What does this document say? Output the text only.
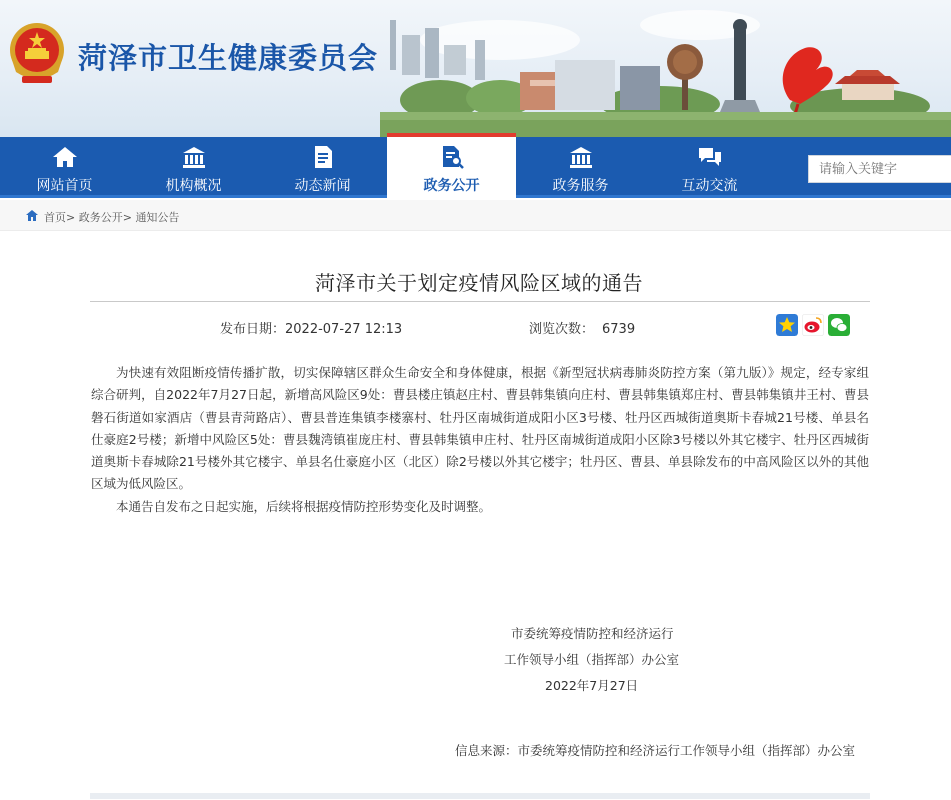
菏泽市卫生健康委员会
网站首页	机构概况	动态新闻	政务公开	政务服务	互动交流
请输入关键字
首页> 政务公开> 通知公告
菏泽市关于划定疫情风险区域的通告
发布日期：2022-07-27 12:13	浏览次数： 6739

为快速有效阻断疫情传播扩散，切实保障辖区群众生命安全和身体健康，根据《新型冠状病毒肺炎防控方案（第九版）》规定，经专家组综合研判，自2022年7月27日起，新增高风险区9处：曹县楼庄镇赵庄村、曹县韩集镇向庄村、曹县韩集镇郑庄村、曹县韩集镇井王村、曹县磐石街道如家酒店（曹县青菏路店）、曹县普连集镇李楼寨村、牡丹区南城街道成阳小区3号楼、牡丹区西城街道奥斯卡春城21号楼、单县名仕豪庭2号楼；新增中风险区5处：曹县魏湾镇崔庞庄村、曹县韩集镇申庄村、牡丹区南城街道成阳小区除3号楼以外其它楼宇、牡丹区西城街道奥斯卡春城除21号楼外其它楼宇、单县名仕豪庭小区（北区）除2号楼以外其它楼宇；牡丹区、曹县、单县除发布的中高风险区以外的其他区域为低风险区。

本通告自发布之日起实施，后续将根据疫情防控形势变化及时调整。

市委统筹疫情防控和经济运行
工作领导小组（指挥部）办公室
2022年7月27日
信息来源：市委统筹疫情防控和经济运行工作领导小组（指挥部）办公室
